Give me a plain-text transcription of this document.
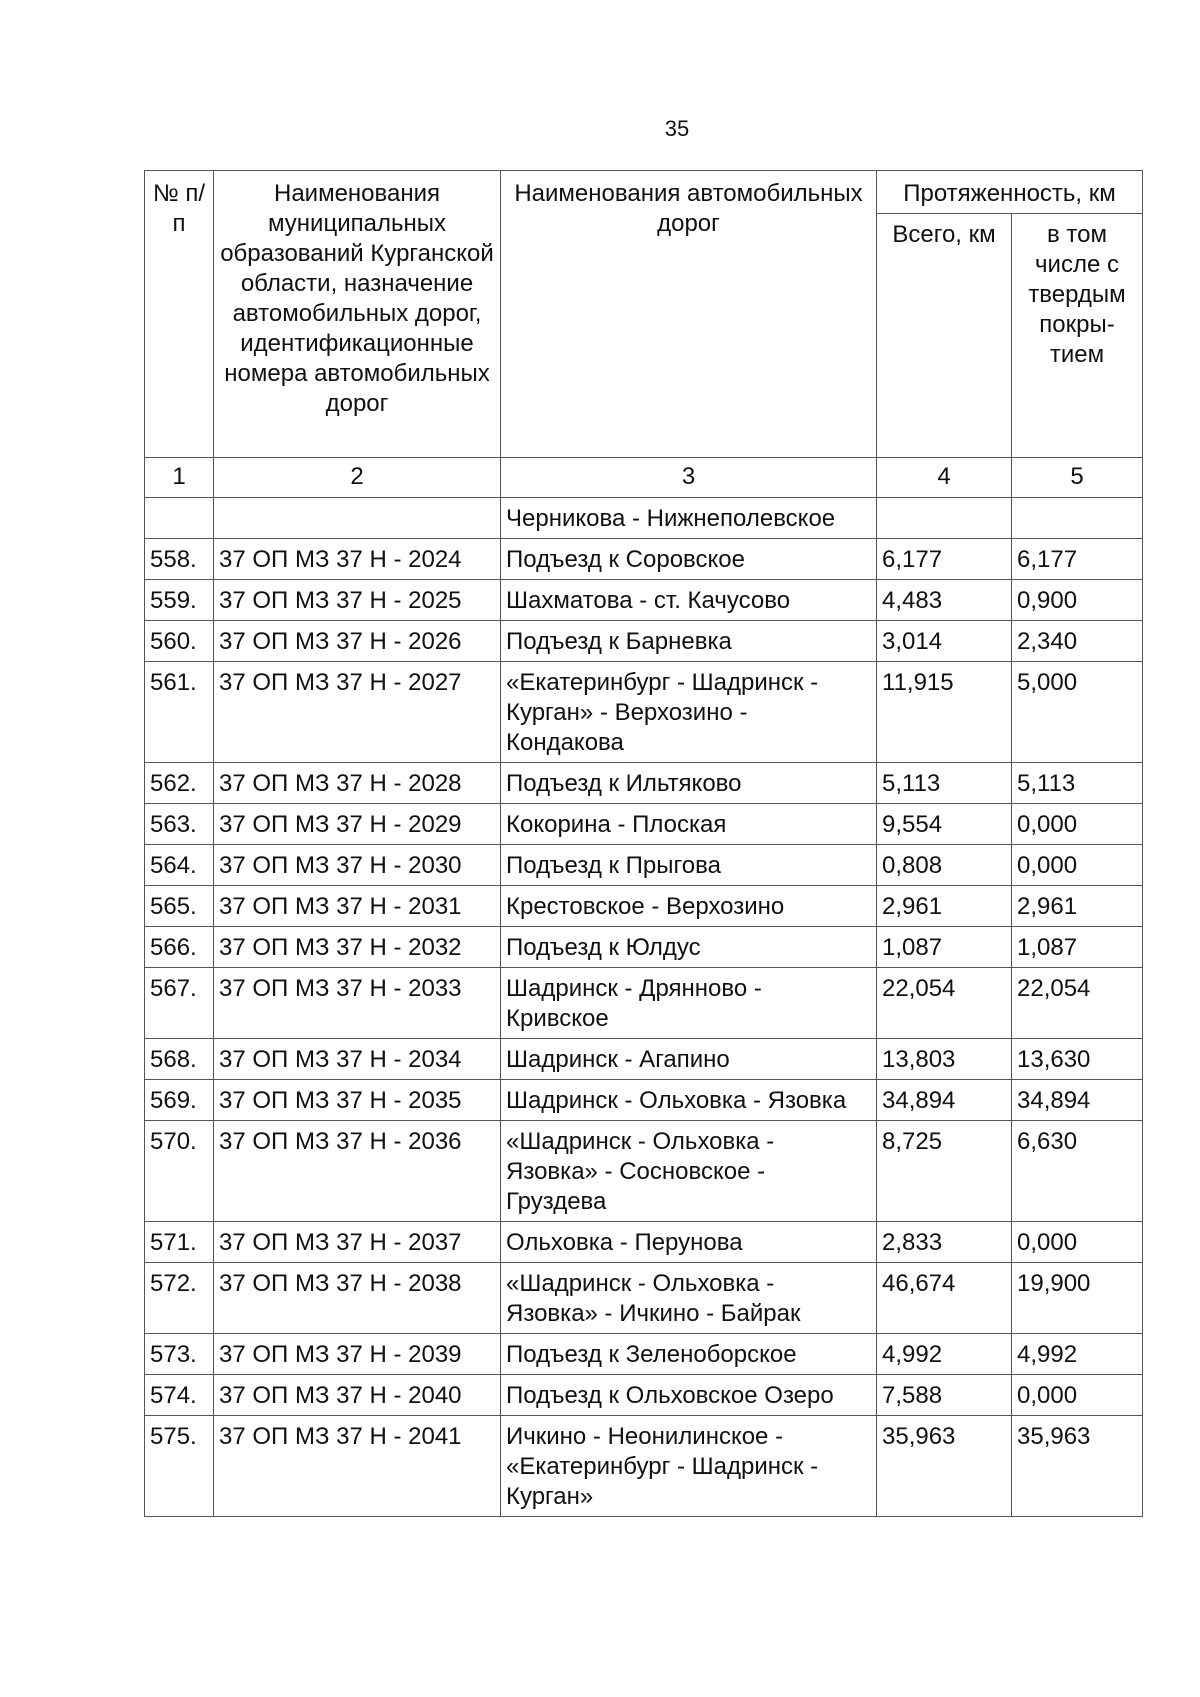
35
№ п/п	Наименования муниципальных образований Курганской области, назначение автомобильных дорог, идентификационные номера автомобильных дорог	Наименования автомобильных дорог	Протяженность, км	
			Всего, км	в том числе с твердым покры-тием
1	2	3	4	5
		Черникова - Нижнеполевское		
558.	37 ОП МЗ 37 Н - 2024	Подъезд к Соровское	6,177	6,177
559.	37 ОП МЗ 37 Н - 2025	Шахматова - ст. Качусово	4,483	0,900
560.	37 ОП МЗ 37 Н - 2026	Подъезд к Барневка	3,014	2,340
561.	37 ОП МЗ 37 Н - 2027	«Екатеринбург - Шадринск - Курган» - Верхозино - Кондакова	11,915	5,000
562.	37 ОП МЗ 37 Н - 2028	Подъезд к Ильтяково	5,113	5,113
563.	37 ОП МЗ 37 Н - 2029	Кокорина - Плоская	9,554	0,000
564.	37 ОП МЗ 37 Н - 2030	Подъезд к Прыгова	0,808	0,000
565.	37 ОП МЗ 37 Н - 2031	Крестовское - Верхозино	2,961	2,961
566.	37 ОП МЗ 37 Н - 2032	Подъезд к Юлдус	1,087	1,087
567.	37 ОП МЗ 37 Н - 2033	Шадринск - Дрянново - Кривское	22,054	22,054
568.	37 ОП МЗ 37 Н - 2034	Шадринск - Агапино	13,803	13,630
569.	37 ОП МЗ 37 Н - 2035	Шадринск - Ольховка - Язовка	34,894	34,894
570.	37 ОП МЗ 37 Н - 2036	«Шадринск - Ольховка - Язовка» - Сосновское - Груздева	8,725	6,630
571.	37 ОП МЗ 37 Н - 2037	Ольховка - Перунова	2,833	0,000
572.	37 ОП МЗ 37 Н - 2038	«Шадринск - Ольховка - Язовка» - Ичкино - Байрак	46,674	19,900
573.	37 ОП МЗ 37 Н - 2039	Подъезд к Зеленоборское	4,992	4,992
574.	37 ОП МЗ 37 Н - 2040	Подъезд к Ольховское Озеро	7,588	0,000
575.	37 ОП МЗ 37 Н - 2041	Ичкино - Неонилинское - «Екатеринбург - Шадринск - Курган»	35,963	35,963
